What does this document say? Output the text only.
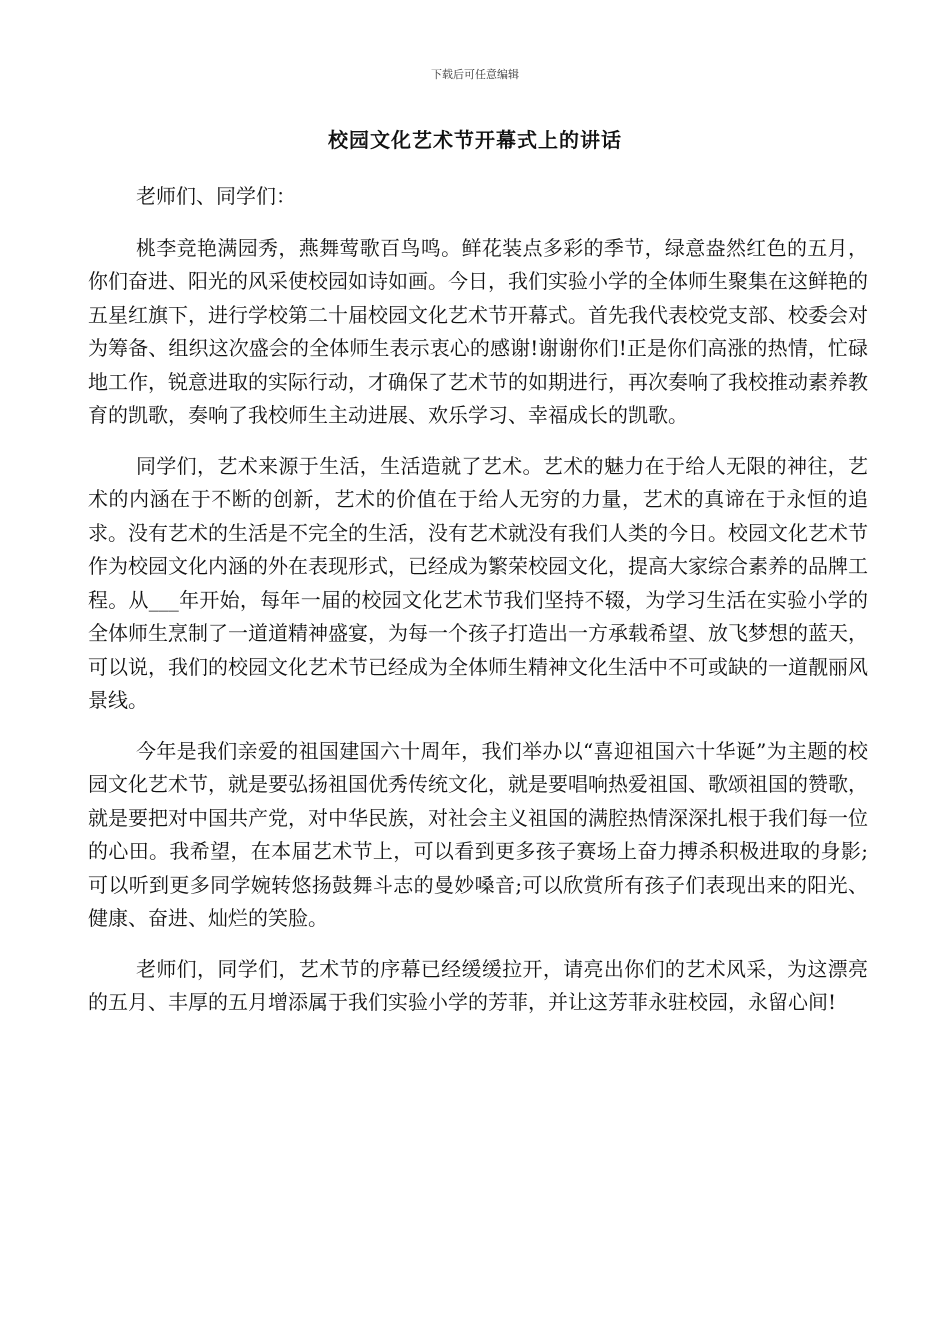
下载后可任意编辑
校园文化艺术节开幕式上的讲话

老师们、同学们：

桃李竞艳满园秀，燕舞莺歌百鸟鸣。鲜花装点多彩的季节，绿意盎然红色的五月，你们奋进、阳光的风采使校园如诗如画。今日，我们实验小学的全体师生聚集在这鲜艳的五星红旗下，进行学校第二十届校园文化艺术节开幕式。首先我代表校党支部、校委会对为筹备、组织这次盛会的全体师生表示衷心的感谢!谢谢你们!正是你们高涨的热情，忙碌地工作，锐意进取的实际行动，才确保了艺术节的如期进行，再次奏响了我校推动素养教育的凯歌，奏响了我校师生主动进展、欢乐学习、幸福成长的凯歌。

同学们，艺术来源于生活，生活造就了艺术。艺术的魅力在于给人无限的神往，艺术的内涵在于不断的创新，艺术的价值在于给人无穷的力量，艺术的真谛在于永恒的追求。没有艺术的生活是不完全的生活，没有艺术就没有我们人类的今日。校园文化艺术节作为校园文化内涵的外在表现形式，已经成为繁荣校园文化，提高大家综合素养的品牌工程。从___年开始，每年一届的校园文化艺术节我们坚持不辍，为学习生活在实验小学的全体师生烹制了一道道精神盛宴，为每一个孩子打造出一方承载希望、放飞梦想的蓝天，可以说，我们的校园文化艺术节已经成为全体师生精神文化生活中不可或缺的一道靓丽风景线。

今年是我们亲爱的祖国建国六十周年，我们举办以“喜迎祖国六十华诞”为主题的校园文化艺术节，就是要弘扬祖国优秀传统文化，就是要唱响热爱祖国、歌颂祖国的赞歌，就是要把对中国共产党，对中华民族，对社会主义祖国的满腔热情深深扎根于我们每一位的心田。我希望，在本届艺术节上，可以看到更多孩子赛场上奋力搏杀积极进取的身影;可以听到更多同学婉转悠扬鼓舞斗志的曼妙嗓音;可以欣赏所有孩子们表现出来的阳光、健康、奋进、灿烂的笑脸。

老师们，同学们，艺术节的序幕已经缓缓拉开，请亮出你们的艺术风采，为这漂亮的五月、丰厚的五月增添属于我们实验小学的芳菲，并让这芳菲永驻校园，永留心间!
